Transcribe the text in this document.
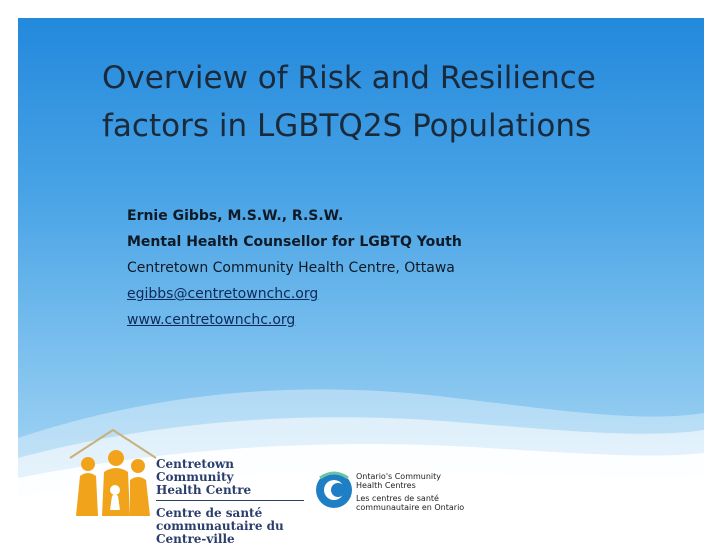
Overview of Risk and Resilience
factors in LGBTQ2S Populations
Ernie Gibbs, M.S.W., R.S.W.
Mental Health Counsellor for LGBTQ Youth
Centretown Community Health Centre, Ottawa
egibbs@centretownchc.org
www.centretownchc.org
Centretown Community
Health Centre
Centre de santé
communautaire du Centre-ville
Ontario's Community
Health Centres
Les centres de santé
communautaire en Ontario
